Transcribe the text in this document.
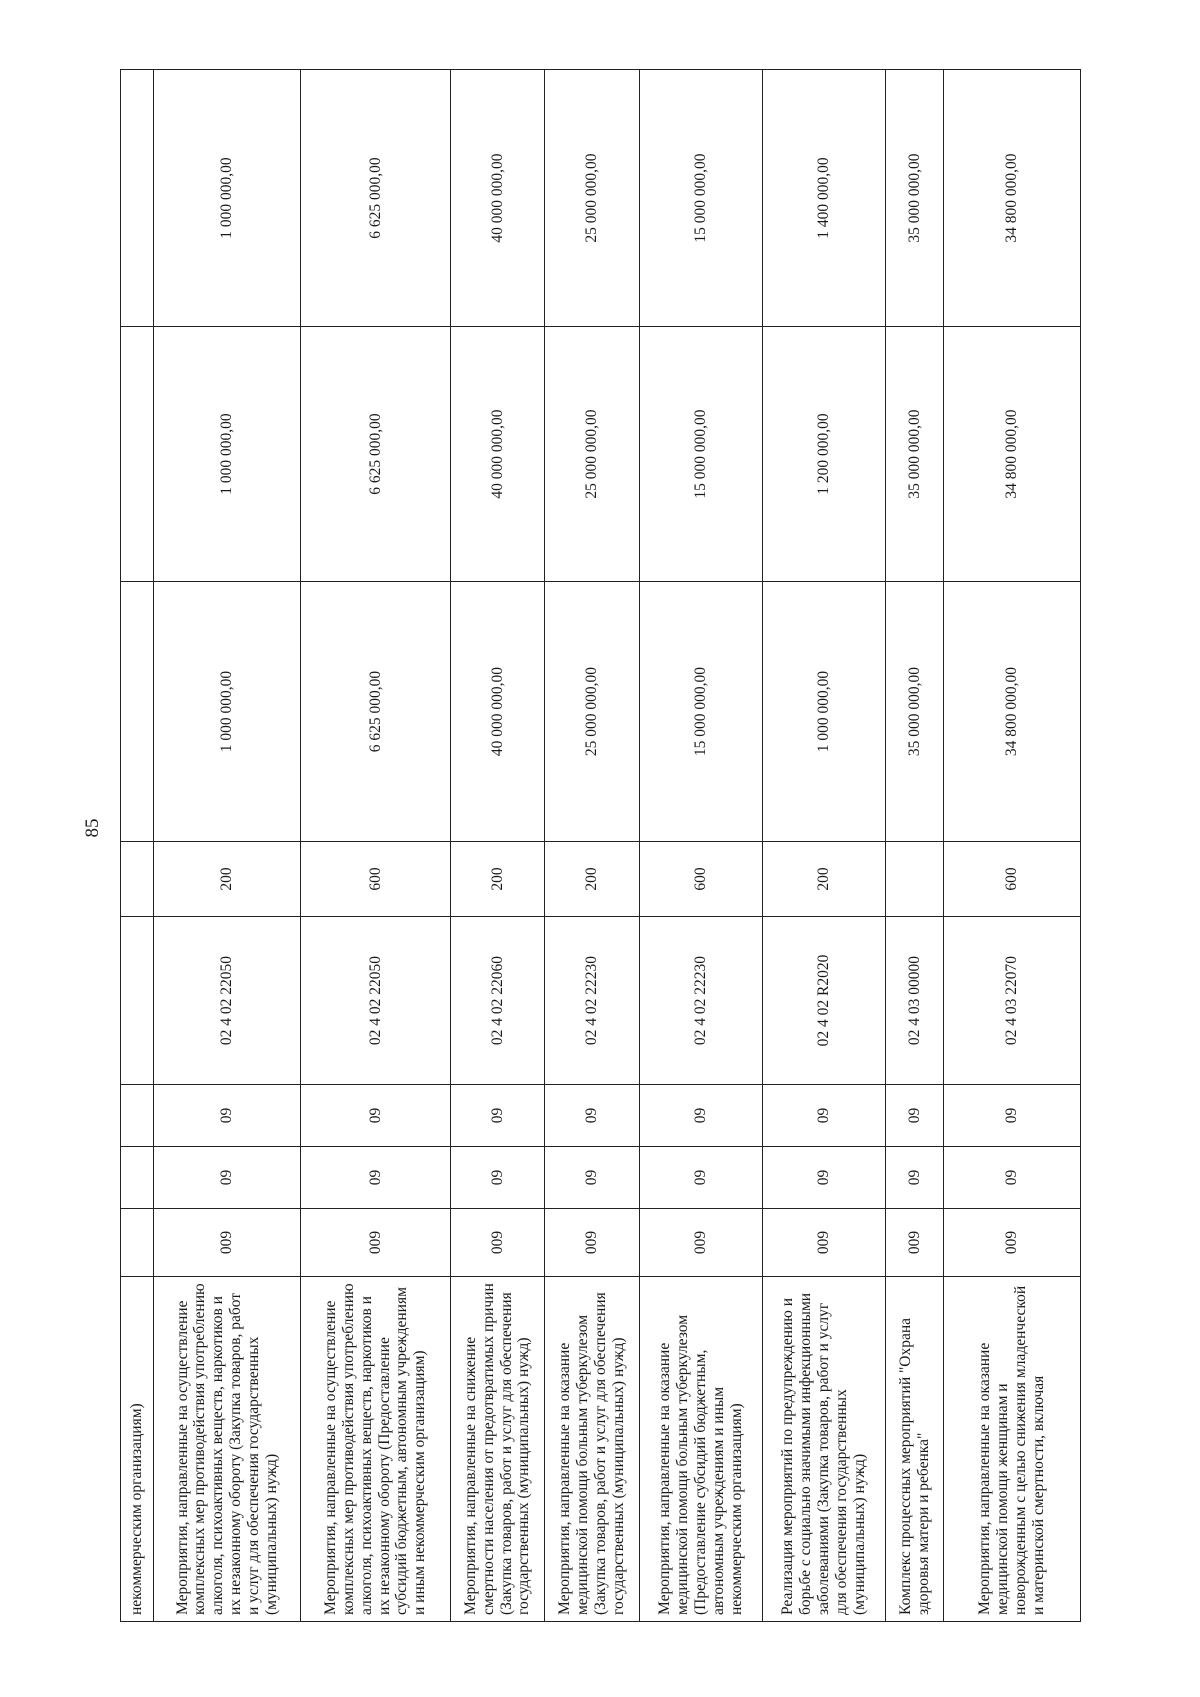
85
некоммерческим организациям)								
Мероприятия, направленные на осуществление комплексных мер противодействия употреблению алкоголя, психоактивных веществ, наркотиков и их незаконному обороту (Закупка товаров, работ и услуг для обеспечения государственных (муниципальных) нужд)	009	09	09	02 4 02 22050	200	1 000 000,00	1 000 000,00	1 000 000,00
Мероприятия, направленные на осуществление комплексных мер противодействия употреблению алкоголя, психоактивных веществ, наркотиков и их незаконному обороту (Предоставление субсидий бюджетным, автономным учреждениям и иным некоммерческим организациям)	009	09	09	02 4 02 22050	600	6 625 000,00	6 625 000,00	6 625 000,00
Мероприятия, направленные на снижение смертности населения от предотвратимых причин (Закупка товаров, работ и услуг для обеспечения государственных (муниципальных) нужд)	009	09	09	02 4 02 22060	200	40 000 000,00	40 000 000,00	40 000 000,00
Мероприятия, направленные на оказание медицинской помощи больным туберкулезом (Закупка товаров, работ и услуг для обеспечения государственных (муниципальных) нужд)	009	09	09	02 4 02 22230	200	25 000 000,00	25 000 000,00	25 000 000,00
Мероприятия, направленные на оказание медицинской помощи больным туберкулезом (Предоставление субсидий бюджетным, автономным учреждениям и иным некоммерческим организациям)	009	09	09	02 4 02 22230	600	15 000 000,00	15 000 000,00	15 000 000,00
Реализация мероприятий по предупреждению и борьбе с социально значимыми инфекционными заболеваниями (Закупка товаров, работ и услуг для обеспечения государственных (муниципальных) нужд)	009	09	09	02 4 02 R2020	200	1 000 000,00	1 200 000,00	1 400 000,00
Комплекс процессных мероприятий "Охрана здоровья матери и ребенка"	009	09	09	02 4 03 00000		35 000 000,00	35 000 000,00	35 000 000,00
Мероприятия, направленные на оказание медицинской помощи женщинам и новорожденным с целью снижения младенческой и материнской смертности, включая	009	09	09	02 4 03 22070	600	34 800 000,00	34 800 000,00	34 800 000,00
